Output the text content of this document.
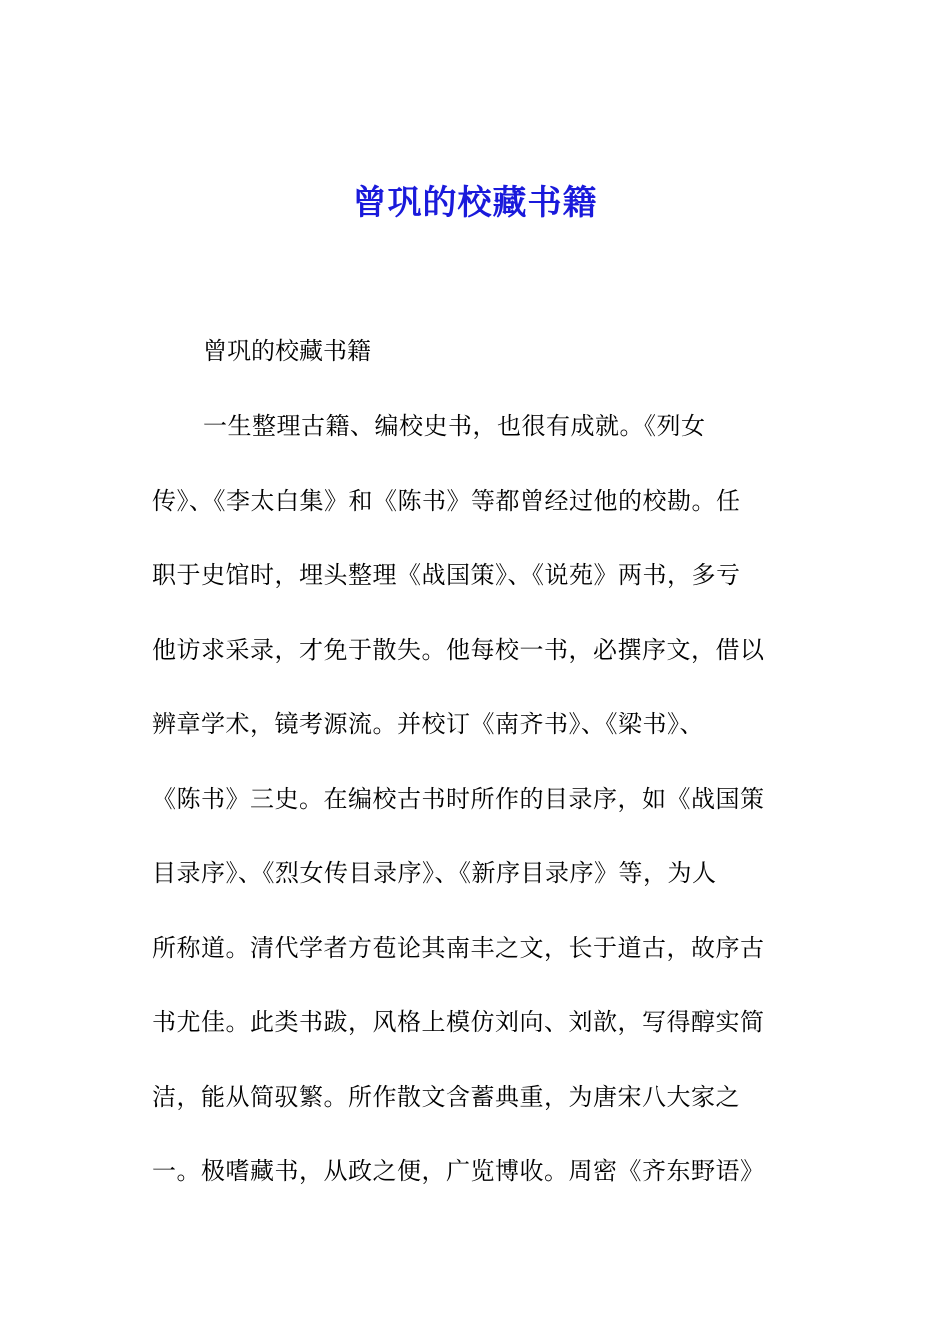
曾巩的校藏书籍
曾巩的校藏书籍
一生整理古籍、编校史书，也很有成就。《列女
传》、《李太白集》和《陈书》等都曾经过他的校勘。任
职于史馆时，埋头整理《战国策》、《说苑》两书，多亏
他访求采录，才免于散失。他每校一书，必撰序文，借以
辨章学术，镜考源流。并校订《南齐书》、《梁书》、
《陈书》三史。在编校古书时所作的目录序，如《战国策
目录序》、《烈女传目录序》、《新序目录序》等，为人
所称道。清代学者方苞论其南丰之文，长于道古，故序古
书尤佳。此类书跋，风格上模仿刘向、刘歆，写得醇实简
洁，能从简驭繁。所作散文含蓄典重，为唐宋八大家之
一。极嗜藏书，从政之便，广览博收。周密《齐东野语》
